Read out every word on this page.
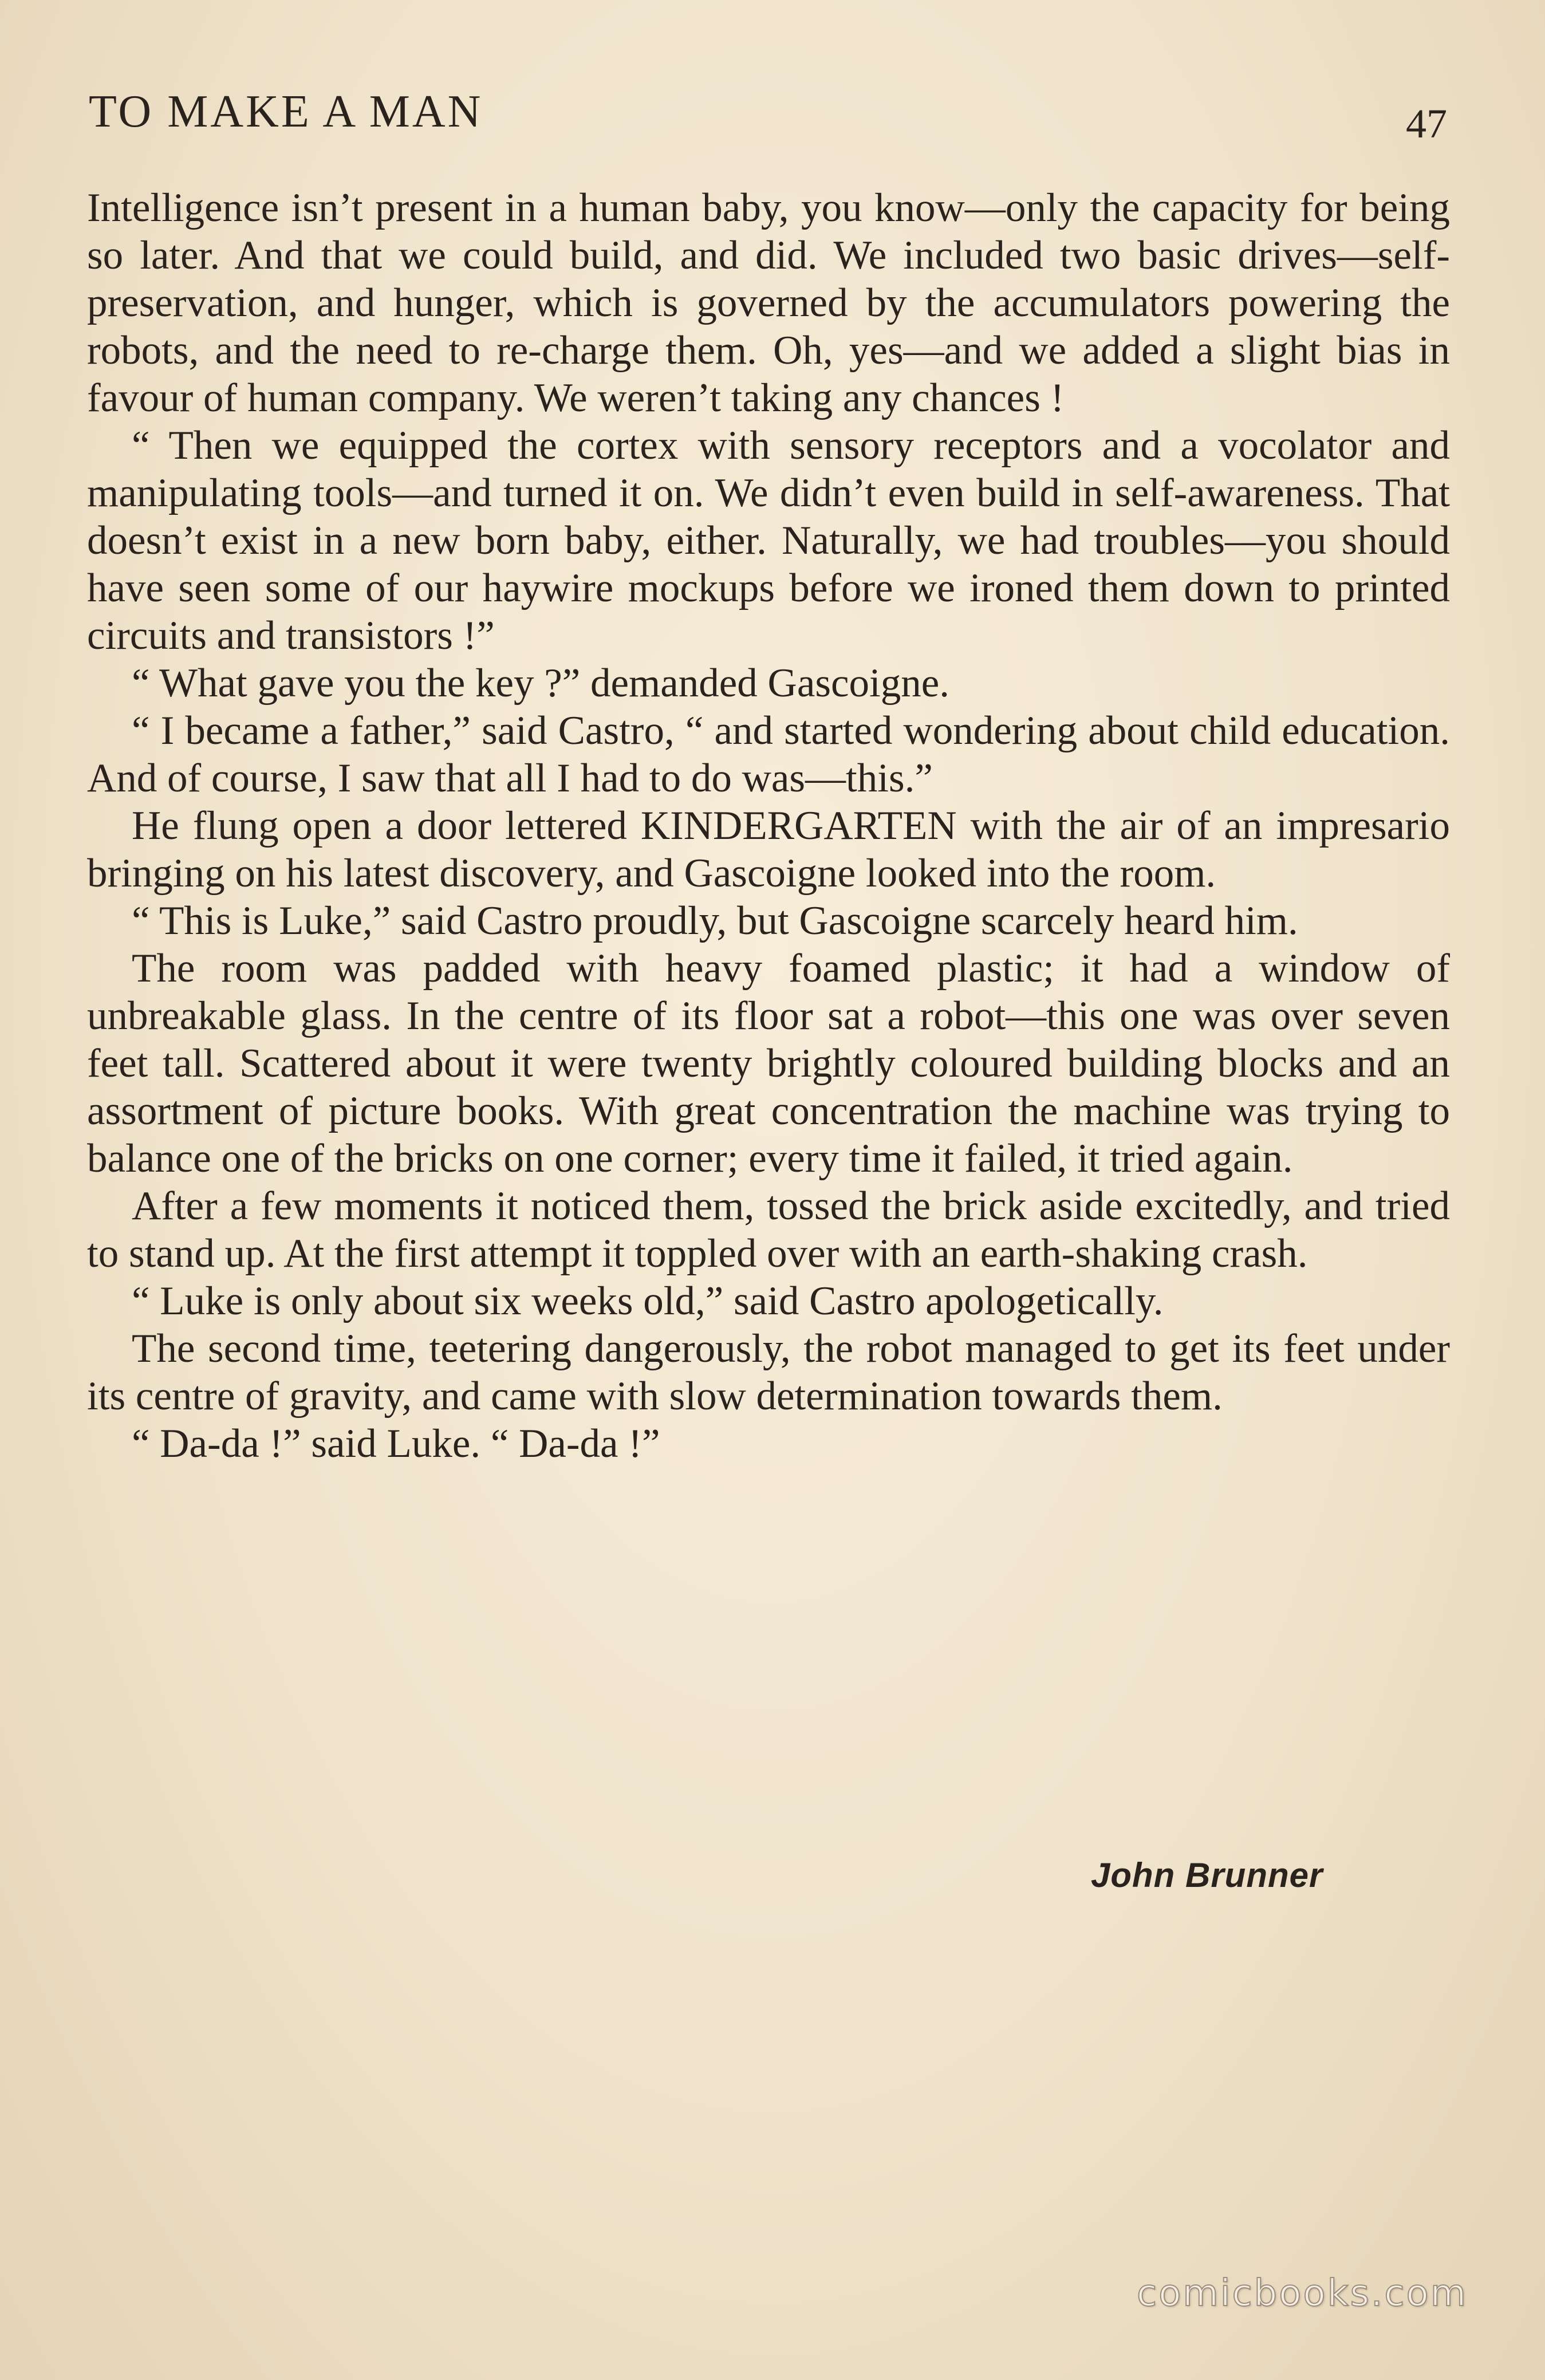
TO MAKE A MAN	47

Intelligence isn’t present in a human baby, you know—only the capacity for being so later. And that we could build, and did. We included two basic drives—self-preservation, and hunger, which is governed by the accumulators powering the robots, and the need to re-charge them. Oh, yes—and we added a slight bias in favour of human company. We weren’t taking any chances !

“ Then we equipped the cortex with sensory receptors and a vocolator and manipulating tools—and turned it on. We didn’t even build in self-awareness. That doesn’t exist in a new born baby, either. Naturally, we had troubles—you should have seen some of our haywire mockups before we ironed them down to printed circuits and transistors !”

“ What gave you the key ?” demanded Gascoigne.

“ I became a father,” said Castro, “ and started wondering about child education. And of course, I saw that all I had to do was—this.”

He flung open a door lettered KINDERGARTEN with the air of an impresario bringing on his latest discovery, and Gascoigne looked into the room.

“ This is Luke,” said Castro proudly, but Gascoigne scarcely heard him.

The room was padded with heavy foamed plastic; it had a window of unbreakable glass. In the centre of its floor sat a robot—this one was over seven feet tall. Scattered about it were twenty brightly coloured building blocks and an assortment of picture books. With great concentration the machine was trying to balance one of the bricks on one corner; every time it failed, it tried again.

After a few moments it noticed them, tossed the brick aside excitedly, and tried to stand up. At the first attempt it toppled over with an earth-shaking crash.

“ Luke is only about six weeks old,” said Castro apologetically.

The second time, teetering dangerously, the robot managed to get its feet under its centre of gravity, and came with slow determination towards them.

“ Da-da !” said Luke. “ Da-da !”

John Brunner
comicbooks.com
